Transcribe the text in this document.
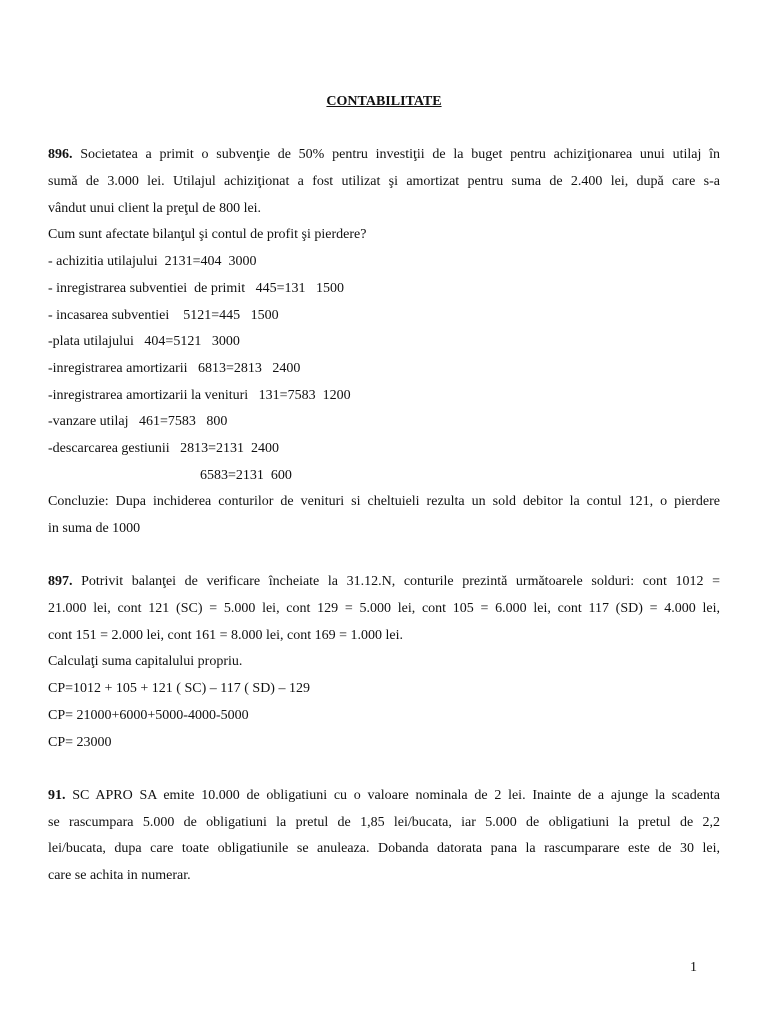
CONTABILITATE
896. Societatea a primit o subvenţie de 50% pentru investiţii de la buget pentru achiziţionarea unui utilaj în
sumă de 3.000 lei. Utilajul achiziţionat a fost utilizat şi amortizat pentru suma de 2.400 lei, după care s-a
vândut unui client la preţul de 800 lei.
Cum sunt afectate bilanţul şi contul de profit şi pierdere?
- achizitia utilajului  2131=404  3000
- inregistrarea subventiei  de primit   445=131   1500
- incasarea subventiei    5121=445   1500
-plata utilajului   404=5121   3000
-inregistrarea amortizarii   6813=2813   2400
-inregistrarea amortizarii la venituri   131=7583  1200
-vanzare utilaj   461=7583   800
-descarcarea gestiunii   2813=2131  2400
6583=2131  600
Concluzie: Dupa inchiderea conturilor de venituri si cheltuieli rezulta un sold debitor la contul 121, o pierdere
in suma de 1000
897. Potrivit balanţei de verificare încheiate la 31.12.N, conturile prezintă următoarele solduri: cont 1012 =
21.000 lei, cont 121 (SC) = 5.000 lei, cont 129 = 5.000 lei, cont 105 = 6.000 lei, cont 117 (SD) = 4.000 lei,
cont 151 = 2.000 lei, cont 161 = 8.000 lei, cont 169 = 1.000 lei.
Calculaţi suma capitalului propriu.
CP=1012 + 105 + 121 ( SC) – 117 ( SD) – 129
CP= 21000+6000+5000-4000-5000
CP= 23000
91. SC APRO SA emite 10.000 de obligatiuni cu o valoare nominala de 2 lei. Inainte de a ajunge la scadenta
se rascumpara 5.000 de obligatiuni la pretul de 1,85 lei/bucata, iar 5.000 de obligatiuni la pretul de 2,2
lei/bucata, dupa care toate obligatiunile se anuleaza. Dobanda datorata pana la rascumparare este de 30 lei,
care se achita in numerar.
1
